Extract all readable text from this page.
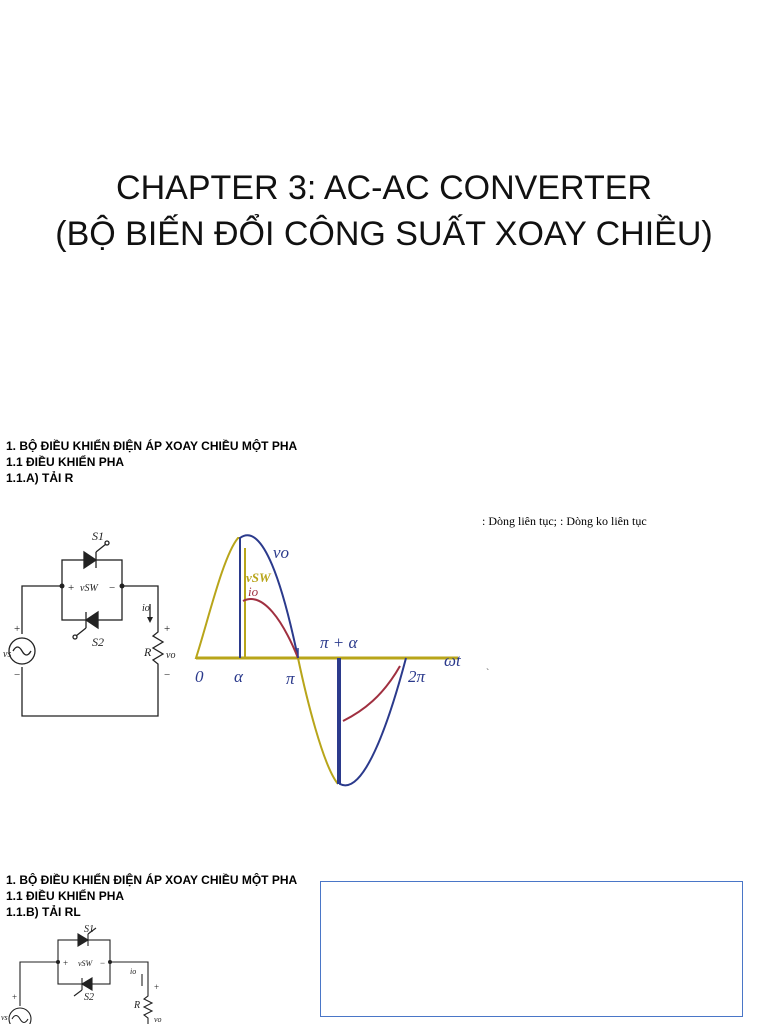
CHAPTER 3: AC-AC CONVERTER
(BỘ BIẾN ĐỔI CÔNG SUẤT XOAY CHIỀU)
1. BỘ ĐIỀU KHIỂN ĐIỆN ÁP XOAY CHIỀU MỘT PHA
1.1 ĐIỀU KHIỂN PHA
1.1.A) TẢI R
: Dòng liên tục; : Dòng ko liên tục
`
S1
S2
vSW
io
vs	R vo
+	−
+
−
+
−
vo
vSW
io
0 α	π
π + α
2π
ωt
1. BỘ ĐIỀU KHIỂN ĐIỆN ÁP XOAY CHIỀU MỘT PHA
1.1 ĐIỀU KHIỂN PHA
1.1.B) TẢI RL
S1
S2
vSW
io
vs
R
vo
+	−
+
+
